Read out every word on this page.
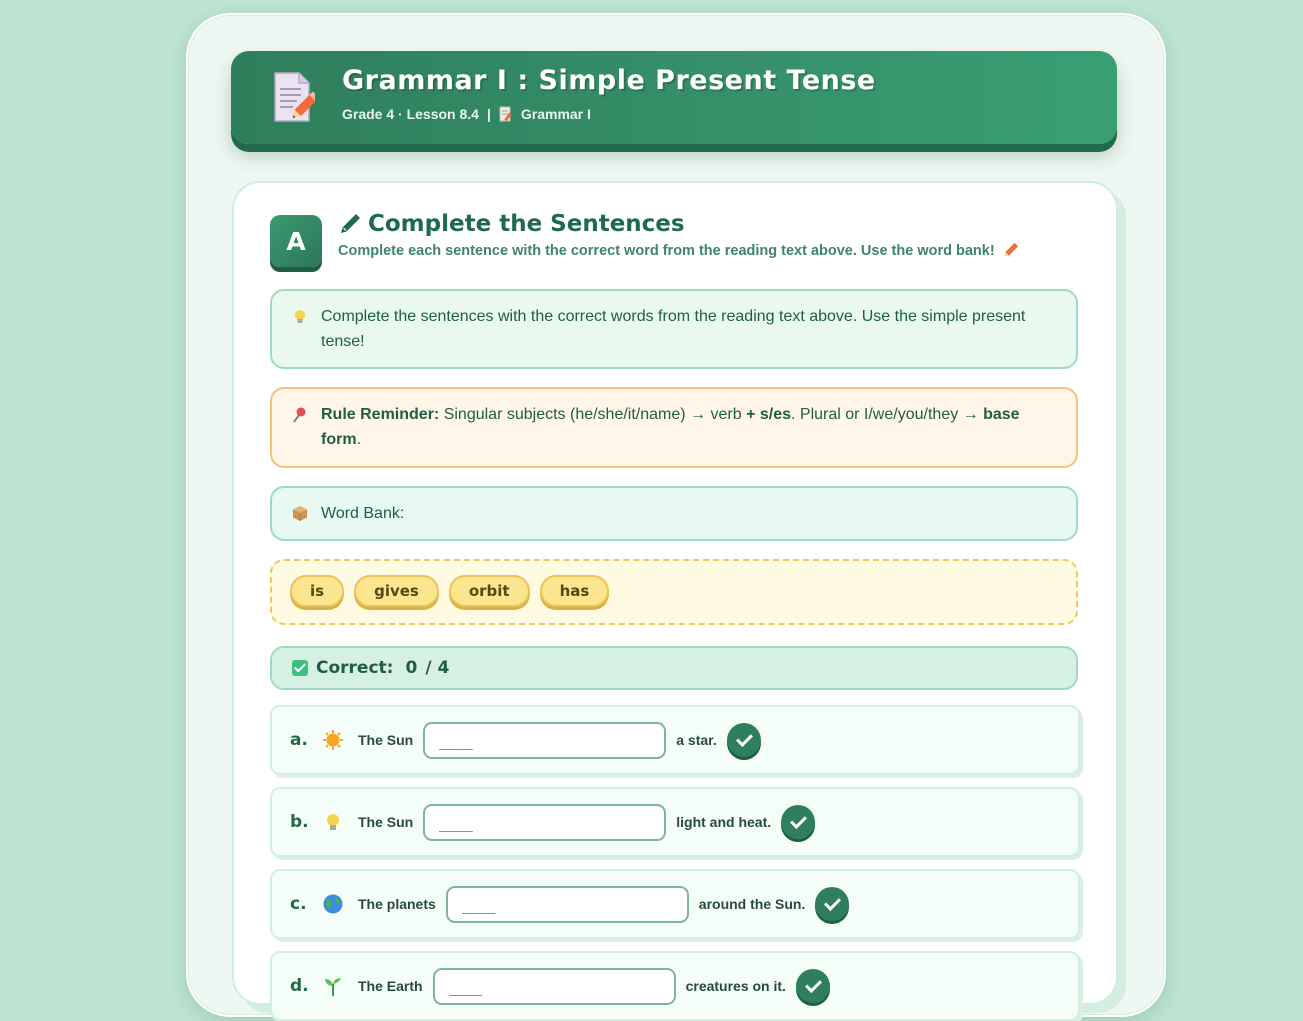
Grammar I : Simple Present Tense
Grade 4 · Lesson 8.4 | Grammar I
A
Complete the Sentences
Complete each sentence with the correct word from the reading text above. Use the word bank!
Complete the sentences with the correct words from the reading text above. Use the simple present tense!
Rule Reminder: Singular subjects (he/she/it/name) → verb + s/es. Plural or I/we/you/they → base form.
Word Bank:
is	gives	orbit	has
Correct: 0 / 4
a.	The Sun
____	a star.
b.	The Sun
____	light and heat.
c.	The planets
____	around the Sun.
d.	The Earth
____	creatures on it.
